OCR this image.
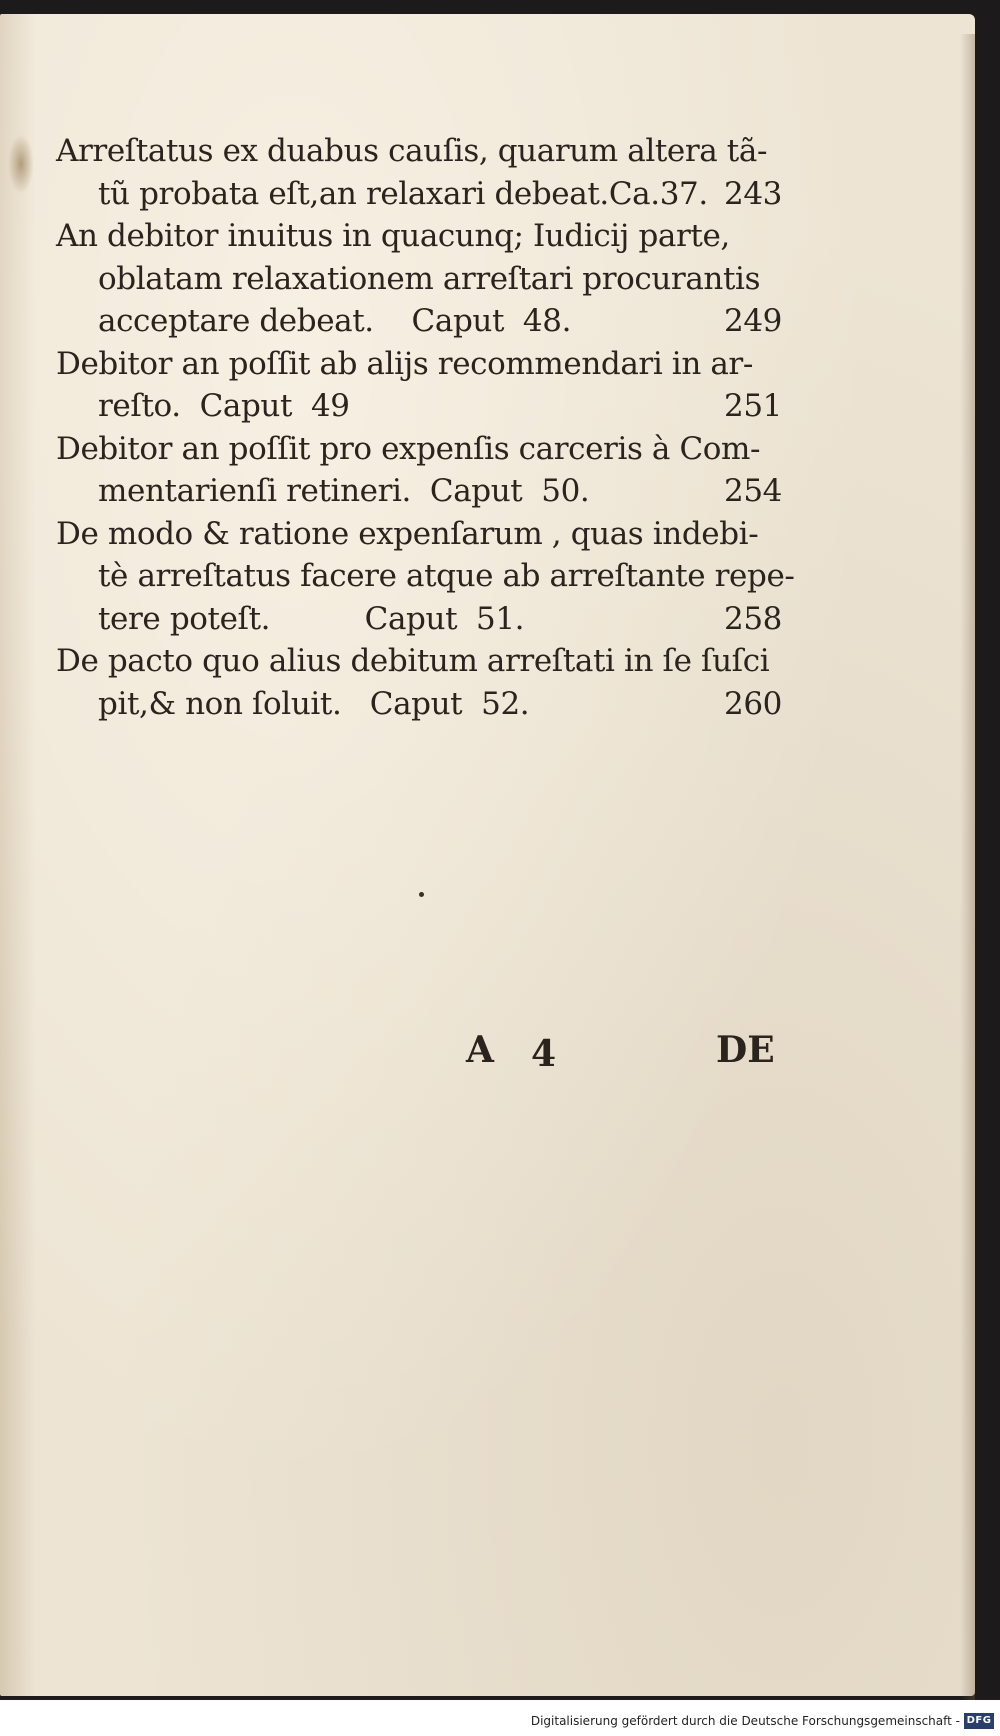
Arreſtatus ex duabus cauſis, quarum altera tã-
tũ probata eſt,an relaxari debeat.Ca.37. 243
An debitor inuitus in quacunq; Iudicij parte,
oblatam relaxationem arreſtari procurantis
acceptare debeat.    Caput  48.	249
Debitor an poſſit ab alijs recommendari in ar-
reſto.  Caput  49	251
Debitor an poſſit pro expenſis carceris à Com-
mentarienſi retineri.  Caput  50.	254
De modo & ratione expenſarum , quas indebi-
tè arreſtatus facere atque ab arreſtante repe-
tere poteſt.          Caput  51.	258
De pacto quo alius debitum arreſtati in ſe ſuſci
pit,& non ſoluit.   Caput  52.	260
A 4	DE
Digitalisierung gefördert durch die Deutsche Forschungsgemeinschaft - DFG
